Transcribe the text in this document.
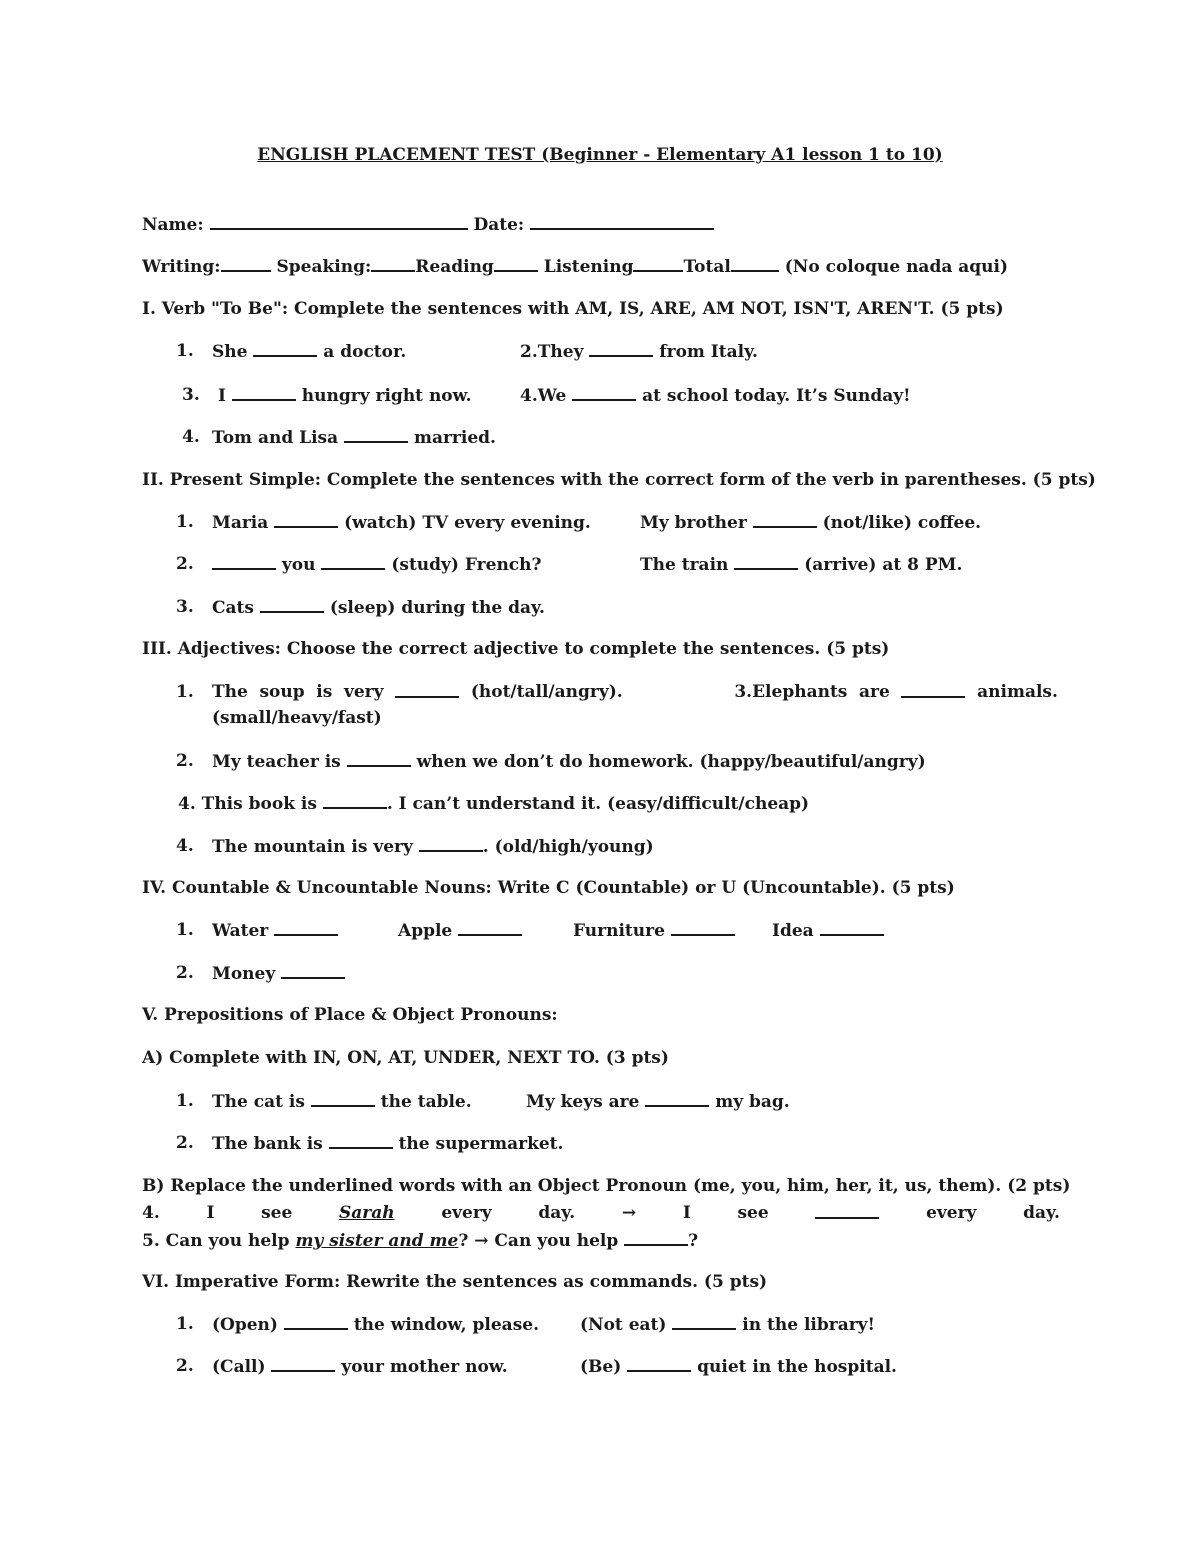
ENGLISH PLACEMENT TEST (Beginner - Elementary A1 lesson 1 to 10)
Name:	Date:
Writing:	Speaking:	Reading	Listening	Total	(No coloque nada aqui)
I. Verb "To Be": Complete the sentences with AM, IS, ARE, AM NOT, ISN'T, AREN'T. (5 pts)
1. She	a doctor.	2.They	from Italy.
3. I	hungry right now.	4.We	at school today. It’s Sunday!
4. Tom and Lisa	married.
II. Present Simple: Complete the sentences with the correct form of the verb in parentheses. (5 pts)
1. Maria	(watch) TV every evening.	My brother	(not/like) coffee.
2.	you	(study) French?	The train	(arrive) at 8 PM.
3. Cats	(sleep) during the day.
III. Adjectives: Choose the correct adjective to complete the sentences. (5 pts)
1. The soup is very	(hot/tall/angry).	3.Elephants are	animals.
(small/heavy/fast)
2. My teacher is	when we don’t do homework. (happy/beautiful/angry)
4. This book is	. I can’t understand it. (easy/difficult/cheap)
4. The mountain is very	. (old/high/young)
IV. Countable & Uncountable Nouns: Write C (Countable) or U (Uncountable). (5 pts)
1. Water	Apple	Furniture	Idea
2. Money
V. Prepositions of Place & Object Pronouns:
A) Complete with IN, ON, AT, UNDER, NEXT TO. (3 pts)
1. The cat is	the table.	My keys are	my bag.
2. The bank is	the supermarket.
B) Replace the underlined words with an Object Pronoun (me, you, him, her, it, us, them). (2 pts)
4.	I	see	Sarah	every	day.	→	I	see	every	day.
5. Can you help my sister and me? → Can you help	?
VI. Imperative Form: Rewrite the sentences as commands. (5 pts)
1. (Open)	the window, please. (Not eat)	in the library!
2. (Call)	your mother now.	(Be)	quiet in the hospital.
